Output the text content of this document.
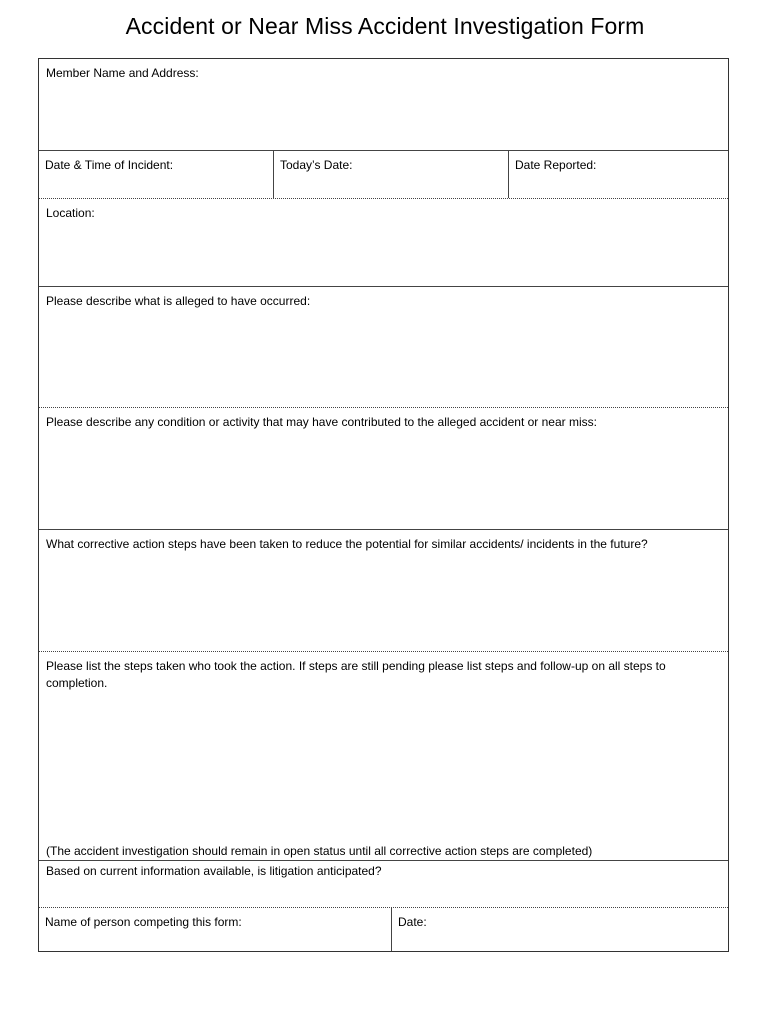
Accident or Near Miss Accident Investigation Form
Member Name and Address:
Date & Time of Incident:	Today’s Date:	Date Reported:
Location:
Please describe what is alleged to have occurred:
Please describe any condition or activity that may have contributed to the alleged accident or near miss:
What corrective action steps have been taken to reduce the potential for similar accidents/ incidents in the future?
Please list the steps taken who took the action. If steps are still pending please list steps and follow-up on all steps to completion.
(The accident investigation should remain in open status until all corrective action steps are completed)
Based on current information available, is litigation anticipated?
Name of person competing this form:	Date:
